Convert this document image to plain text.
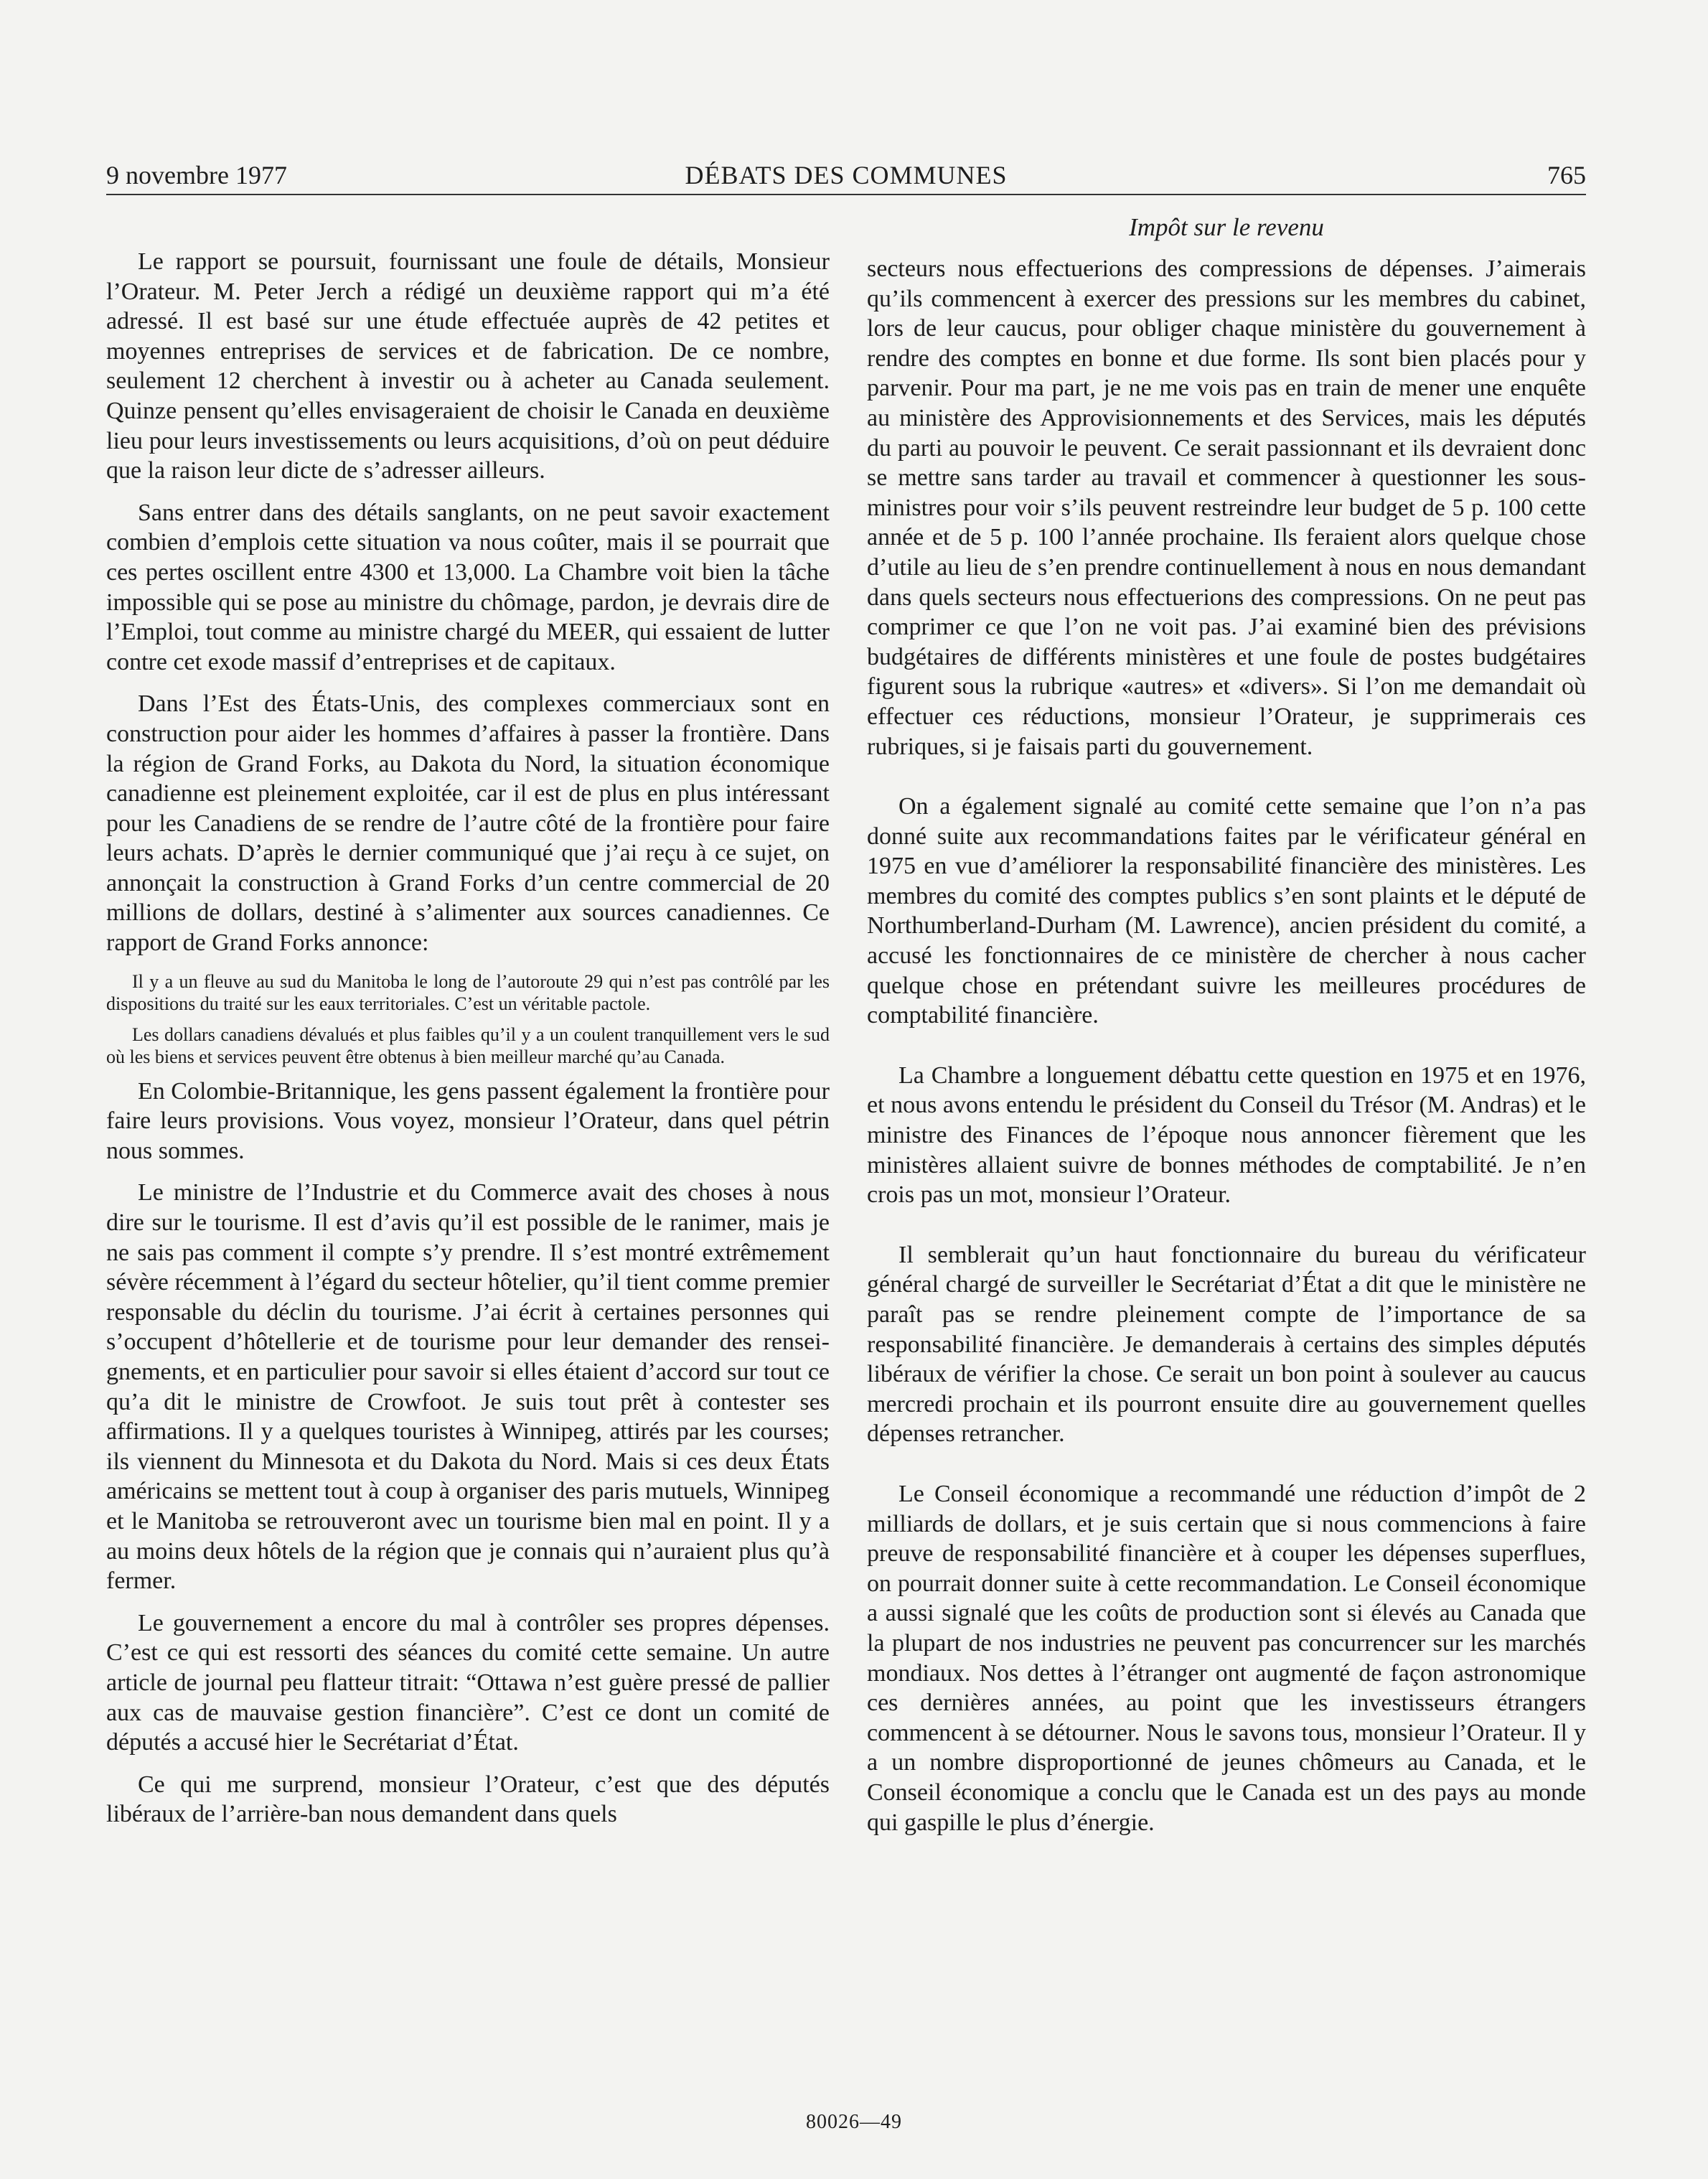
9 novembre 1977	DÉBATS DES COMMUNES	765
Impôt sur le revenu

Le rapport se poursuit, fournissant une foule de détails, Monsieur l’Orateur. M. Peter Jerch a rédigé un deuxième rapport qui m’a été adressé. Il est basé sur une étude effectuée auprès de 42 petites et moyennes entreprises de services et de fabrication. De ce nombre, seulement 12 cherchent à investir ou à acheter au Canada seulement. Quinze pensent qu’elles envisageraient de choisir le Canada en deuxième lieu pour leurs investissements ou leurs acquisitions, d’où on peut déduire que la raison leur dicte de s’adresser ailleurs.

Sans entrer dans des détails sanglants, on ne peut savoir exactement combien d’emplois cette situation va nous coûter, mais il se pourrait que ces pertes oscillent entre 4300 et 13,000. La Chambre voit bien la tâche impossible qui se pose au ministre du chômage, pardon, je devrais dire de l’Emploi, tout comme au ministre chargé du MEER, qui essaient de lutter contre cet exode massif d’entreprises et de capitaux.

Dans l’Est des États-Unis, des complexes commerciaux sont en construction pour aider les hommes d’affaires à passer la frontière. Dans la région de Grand Forks, au Dakota du Nord, la situation économique canadienne est pleinement exploitée, car il est de plus en plus intéressant pour les Canadiens de se rendre de l’autre côté de la frontière pour faire leurs achats. D’après le dernier communiqué que j’ai reçu à ce sujet, on annonçait la construction à Grand Forks d’un centre commercial de 20 millions de dollars, destiné à s’alimenter aux sources canadiennes. Ce rapport de Grand Forks annonce:

Il y a un fleuve au sud du Manitoba le long de l’autoroute 29 qui n’est pas contrôlé par les dispositions du traité sur les eaux territoriales. C’est un véritable pactole.

Les dollars canadiens dévalués et plus faibles qu’il y a un coulent tranquillement vers le sud où les biens et services peuvent être obtenus à bien meilleur marché qu’au Canada.

En Colombie-Britannique, les gens passent également la frontière pour faire leurs provisions. Vous voyez, monsieur l’Orateur, dans quel pétrin nous sommes.

Le ministre de l’Industrie et du Commerce avait des choses à nous dire sur le tourisme. Il est d’avis qu’il est possible de le ranimer, mais je ne sais pas comment il compte s’y prendre. Il s’est montré extrêmement sévère récemment à l’égard du secteur hôtelier, qu’il tient comme premier responsable du déclin du tourisme. J’ai écrit à certaines personnes qui s’occupent d’hôtellerie et de tourisme pour leur demander des renseignements, et en particulier pour savoir si elles étaient d’accord sur tout ce qu’a dit le ministre de Crowfoot. Je suis tout prêt à contester ses affirmations. Il y a quelques touristes à Winnipeg, attirés par les courses; ils viennent du Minnesota et du Dakota du Nord. Mais si ces deux États américains se mettent tout à coup à organiser des paris mutuels, Winnipeg et le Manitoba se retrouveront avec un tourisme bien mal en point. Il y a au moins deux hôtels de la région que je connais qui n’auraient plus qu’à fermer.

Le gouvernement a encore du mal à contrôler ses propres dépenses. C’est ce qui est ressorti des séances du comité cette semaine. Un autre article de journal peu flatteur titrait: “Ottawa n’est guère pressé de pallier aux cas de mauvaise gestion financière”. C’est ce dont un comité de députés a accusé hier le Secrétariat d’État.

Ce qui me surprend, monsieur l’Orateur, c’est que des députés libéraux de l’arrière-ban nous demandent dans quels

secteurs nous effectuerions des compressions de dépenses. J’aimerais qu’ils commencent à exercer des pressions sur les membres du cabinet, lors de leur caucus, pour obliger chaque ministère du gouvernement à rendre des comptes en bonne et due forme. Ils sont bien placés pour y parvenir. Pour ma part, je ne me vois pas en train de mener une enquête au ministère des Approvisionnements et des Services, mais les députés du parti au pouvoir le peuvent. Ce serait passionnant et ils devraient donc se mettre sans tarder au travail et commencer à questionner les sous-ministres pour voir s’ils peuvent restreindre leur budget de 5 p. 100 cette année et de 5 p. 100 l’année prochaine. Ils feraient alors quelque chose d’utile au lieu de s’en prendre continuellement à nous en nous demandant dans quels secteurs nous effectuerions des compressions. On ne peut pas comprimer ce que l’on ne voit pas. J’ai examiné bien des prévisions budgétaires de différents ministères et une foule de postes budgétaires figurent sous la rubrique «autres» et «divers». Si l’on me demandait où effectuer ces réductions, monsieur l’Orateur, je supprimerais ces rubriques, si je faisais parti du gouvernement.

On a également signalé au comité cette semaine que l’on n’a pas donné suite aux recommandations faites par le vérificateur général en 1975 en vue d’améliorer la responsabilité financière des ministères. Les membres du comité des comptes publics s’en sont plaints et le député de Northumberland-Durham (M. Lawrence), ancien président du comité, a accusé les fonctionnaires de ce ministère de chercher à nous cacher quelque chose en prétendant suivre les meilleures procédures de comptabilité financière.

La Chambre a longuement débattu cette question en 1975 et en 1976, et nous avons entendu le président du Conseil du Trésor (M. Andras) et le ministre des Finances de l’époque nous annoncer fièrement que les ministères allaient suivre de bonnes méthodes de comptabilité. Je n’en crois pas un mot, monsieur l’Orateur.

Il semblerait qu’un haut fonctionnaire du bureau du vérificateur général chargé de surveiller le Secrétariat d’État a dit que le ministère ne paraît pas se rendre pleinement compte de l’importance de sa responsabilité financière. Je demanderais à certains des simples députés libéraux de vérifier la chose. Ce serait un bon point à soulever au caucus mercredi prochain et ils pourront ensuite dire au gouvernement quelles dépenses retrancher.

Le Conseil économique a recommandé une réduction d’impôt de 2 milliards de dollars, et je suis certain que si nous commencions à faire preuve de responsabilité financière et à couper les dépenses superflues, on pourrait donner suite à cette recommandation. Le Conseil économique a aussi signalé que les coûts de production sont si élevés au Canada que la plupart de nos industries ne peuvent pas concurrencer sur les marchés mondiaux. Nos dettes à l’étranger ont augmenté de façon astronomique ces dernières années, au point que les investisseurs étrangers commencent à se détourner. Nous le savons tous, monsieur l’Orateur. Il y a un nombre disproportionné de jeunes chômeurs au Canada, et le Conseil économique a conclu que le Canada est un des pays au monde qui gaspille le plus d’énergie.

80026—49
